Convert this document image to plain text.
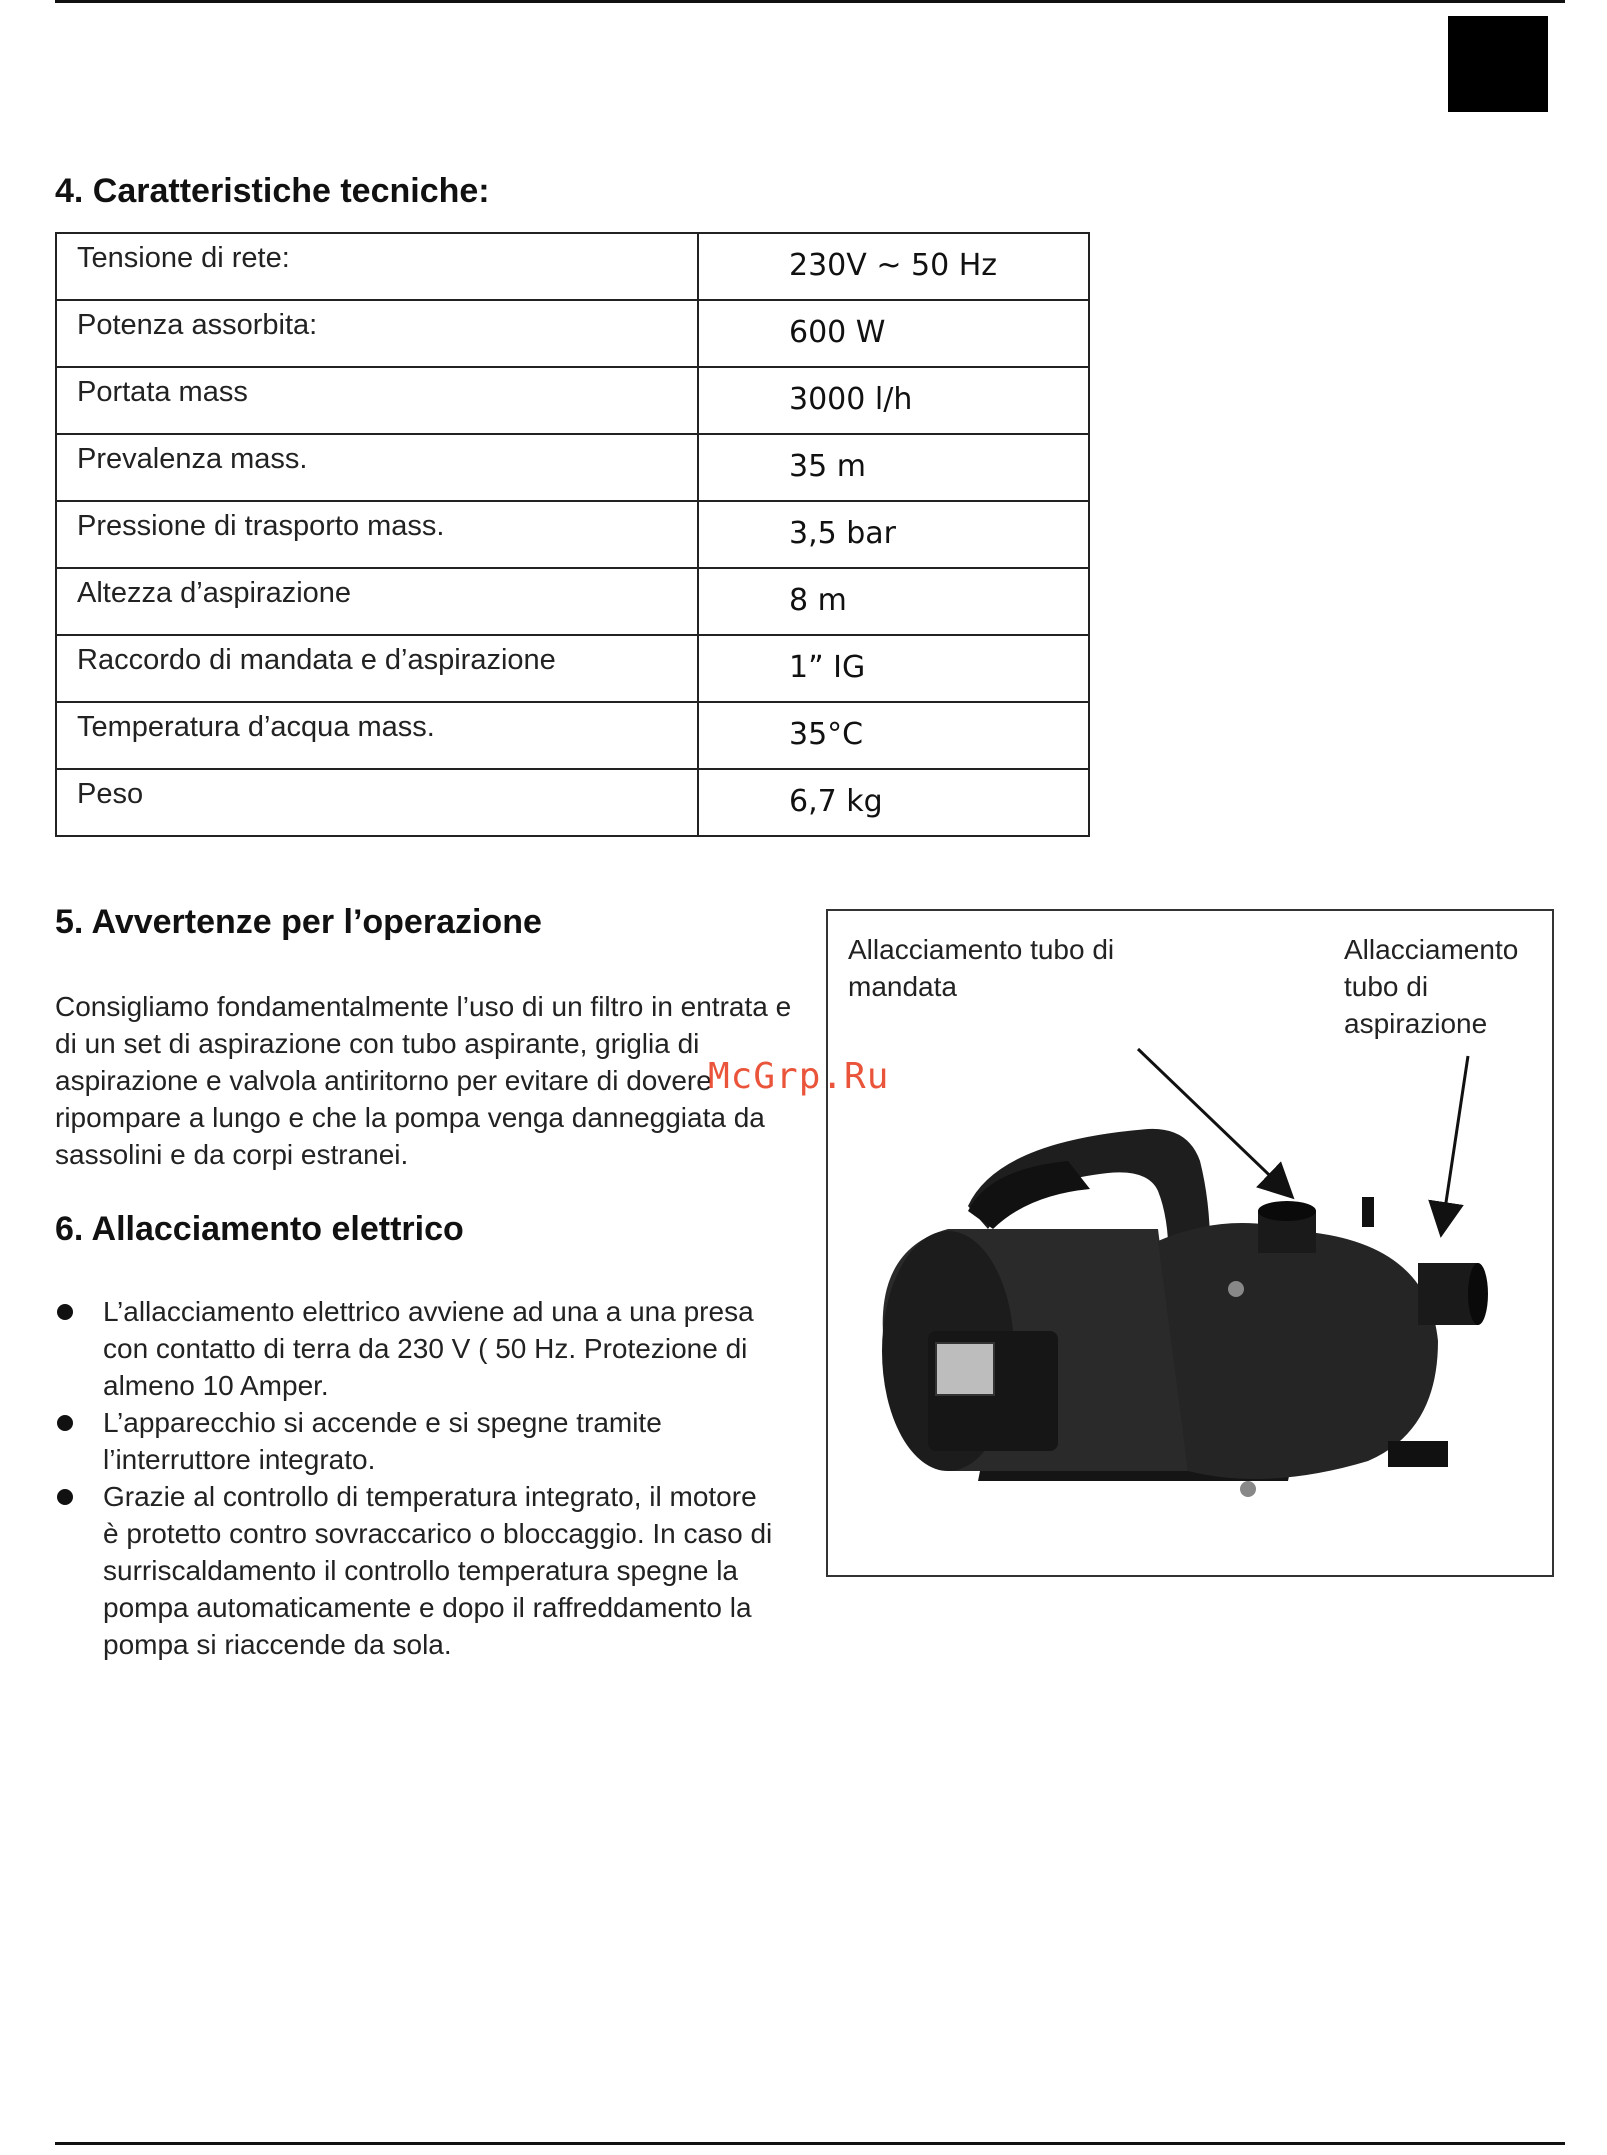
4. Caratteristiche tecniche:
Tensione di rete:	230V ~ 50 Hz
Potenza assorbita:	600 W
Portata mass	3000 l/h
Prevalenza mass.	35 m
Pressione di trasporto mass.	3,5 bar
Altezza d’aspirazione	8 m
Raccordo di mandata e d’aspirazione	1” IG
Temperatura d’acqua mass.	35°C
Peso	6,7 kg
5. Avvertenze per l’operazione

Consigliamo fondamentalmente l’uso di un filtro in entrata e di un set di aspirazione con tubo aspirante, griglia di aspirazione e valvola antiritorno per evitare di dovere ripompare a lungo e che la pompa venga danneggiata da sassolini e da corpi estranei.

6. Allacciamento elettrico
L’allacciamento elettrico avviene ad una a una presa con contatto di terra da 230 V ( 50 Hz. Protezione di almeno 10 Amper.
L’apparecchio si accende e si spegne tramite l’interruttore integrato.
Grazie al controllo di temperatura integrato, il motore è protetto contro sovraccarico o bloccaggio. In caso di surriscaldamento il controllo temperatura spegne la pompa automaticamente e dopo il raffreddamento la pompa si riaccende da sola.

Allacciamento tubo di mandata

Allacciamento tubo di aspirazione

McGrp.Ru
